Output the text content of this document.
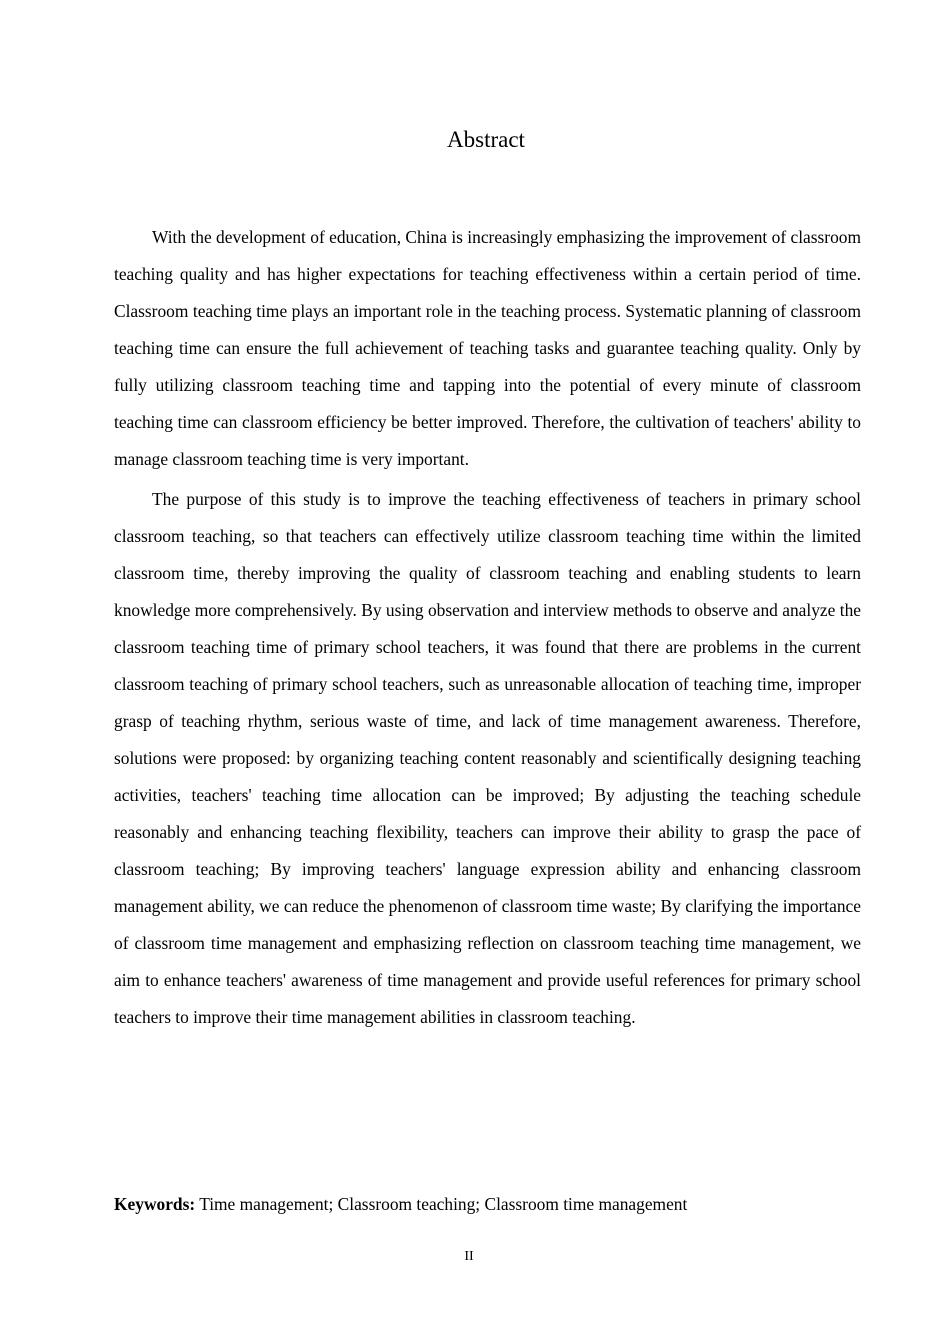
Abstract

With the development of education, China is increasingly emphasizing the improvement of classroom teaching quality and has higher expectations for teaching effectiveness within a certain period of time. Classroom teaching time plays an important role in the teaching process. Systematic planning of classroom teaching time can ensure the full achievement of teaching tasks and guarantee teaching quality. Only by fully utilizing classroom teaching time and tapping into the potential of every minute of classroom teaching time can classroom efficiency be better improved. Therefore, the cultivation of teachers' ability to manage classroom teaching time is very important.

The purpose of this study is to improve the teaching effectiveness of teachers in primary school classroom teaching, so that teachers can effectively utilize classroom teaching time within the limited classroom time, thereby improving the quality of classroom teaching and enabling students to learn knowledge more comprehensively. By using observation and interview methods to observe and analyze the classroom teaching time of primary school teachers, it was found that there are problems in the current classroom teaching of primary school teachers, such as unreasonable allocation of teaching time, improper grasp of teaching rhythm, serious waste of time, and lack of time management awareness. Therefore, solutions were proposed: by organizing teaching content reasonably and scientifically designing teaching activities, teachers' teaching time allocation can be improved; By adjusting the teaching schedule reasonably and enhancing teaching flexibility, teachers can improve their ability to grasp the pace of classroom teaching; By improving teachers' language expression ability and enhancing classroom management ability, we can reduce the phenomenon of classroom time waste; By clarifying the importance of classroom time management and emphasizing reflection on classroom teaching time management, we aim to enhance teachers' awareness of time management and provide useful references for primary school teachers to improve their time management abilities in classroom teaching.

Keywords: Time management; Classroom teaching; Classroom time management
II
